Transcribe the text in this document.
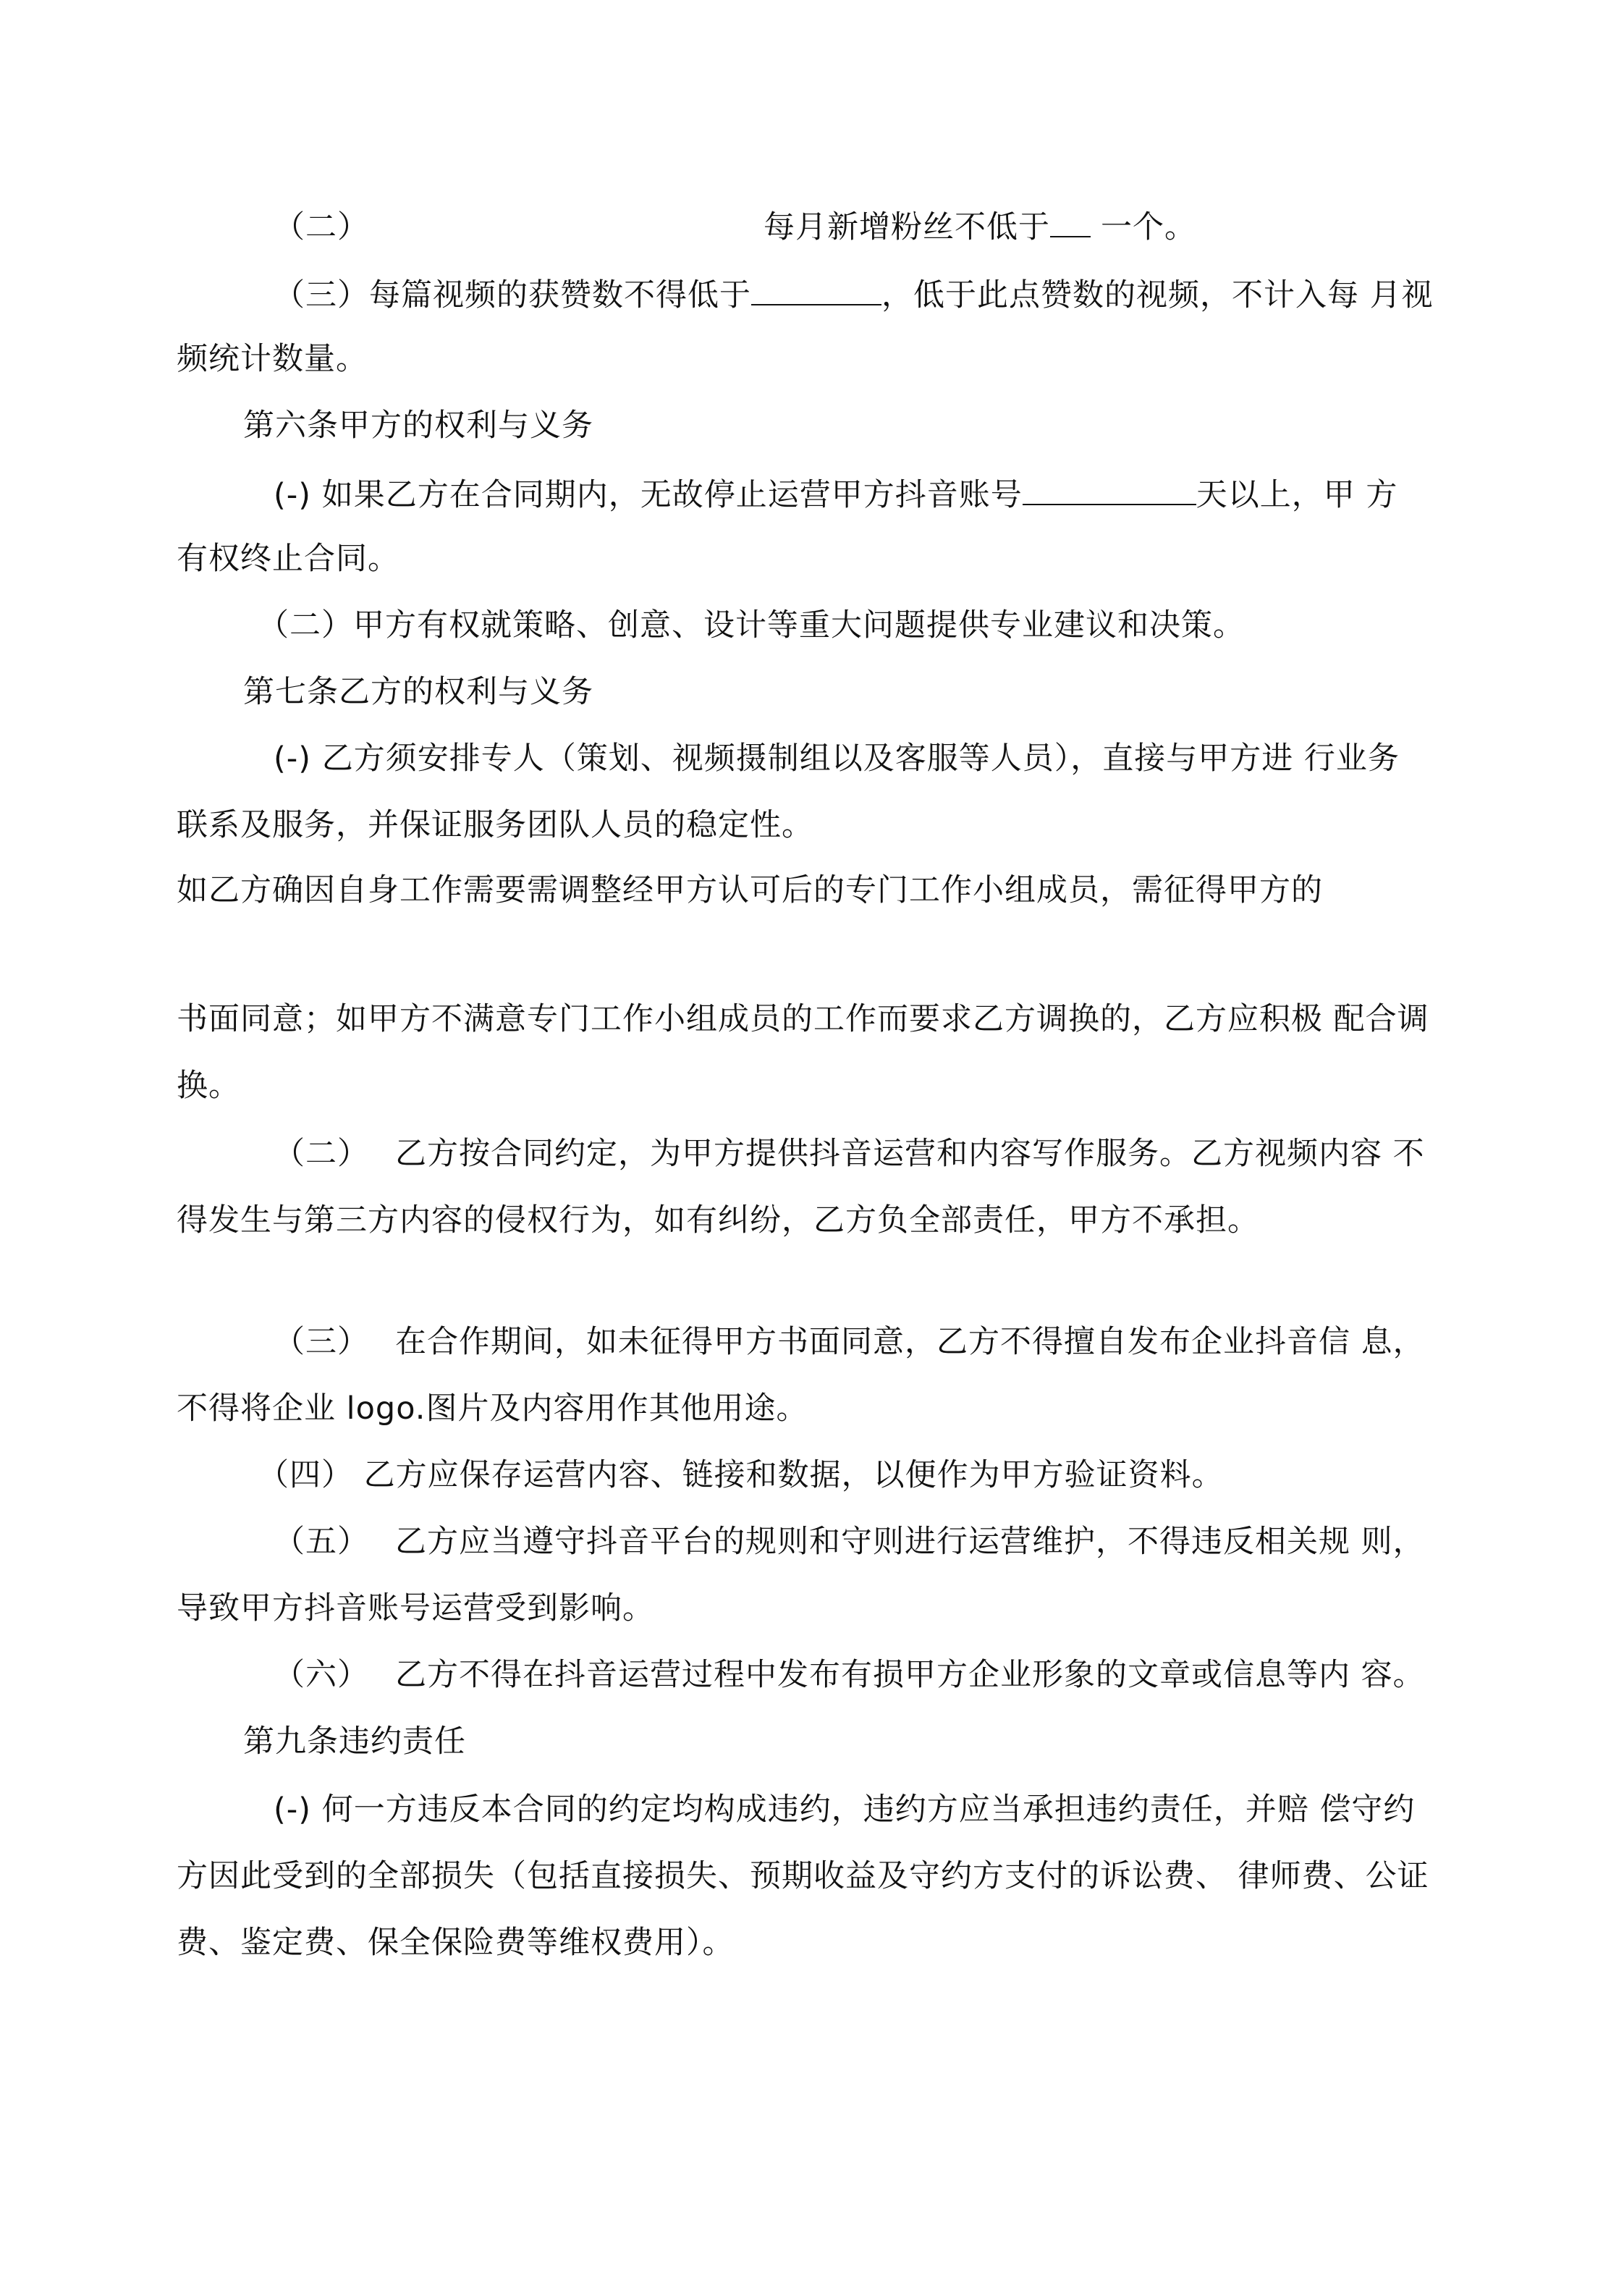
（二）	每月新增粉丝不低于 一个。

（三）每篇视频的获赞数不得低于	，低于此点赞数的视频，不计入每 月视

频统计数量。

第六条甲方的权利与义务

(-) 如果乙方在合同期内，无故停止运营甲方抖音账号	天以上，甲 方

有权终止合同。

（二）甲方有权就策略、创意、设计等重大问题提供专业建议和决策。

第七条乙方的权利与义务

(-) 乙方须安排专人（策划、视频摄制组以及客服等人员），直接与甲方进 行业务

联系及服务，并保证服务团队人员的稳定性。

如乙方确因自身工作需要需调整经甲方认可后的专门工作小组成员，需征得甲方的

书面同意；如甲方不满意专门工作小组成员的工作而要求乙方调换的，乙方应积极 配合调

换。

（二） 乙方按合同约定，为甲方提供抖音运营和内容写作服务。乙方视频内容 不

得发生与第三方内容的侵权行为，如有纠纷，乙方负全部责任，甲方不承担。

（三） 在合作期间，如未征得甲方书面同意，乙方不得擅自发布企业抖音信 息，

不得将企业 logo.图片及内容用作其他用途。

（四） 乙方应保存运营内容、链接和数据，以便作为甲方验证资料。

（五） 乙方应当遵守抖音平台的规则和守则进行运营维护，不得违反相关规 则，

导致甲方抖音账号运营受到影响。

（六） 乙方不得在抖音运营过程中发布有损甲方企业形象的文章或信息等内 容。

第九条违约责任

(-) 何一方违反本合同的约定均构成违约，违约方应当承担违约责任，并赔 偿守约

方因此受到的全部损失（包括直接损失、预期收益及守约方支付的诉讼费、 律师费、公证

费、鉴定费、保全保险费等维权费用）。
